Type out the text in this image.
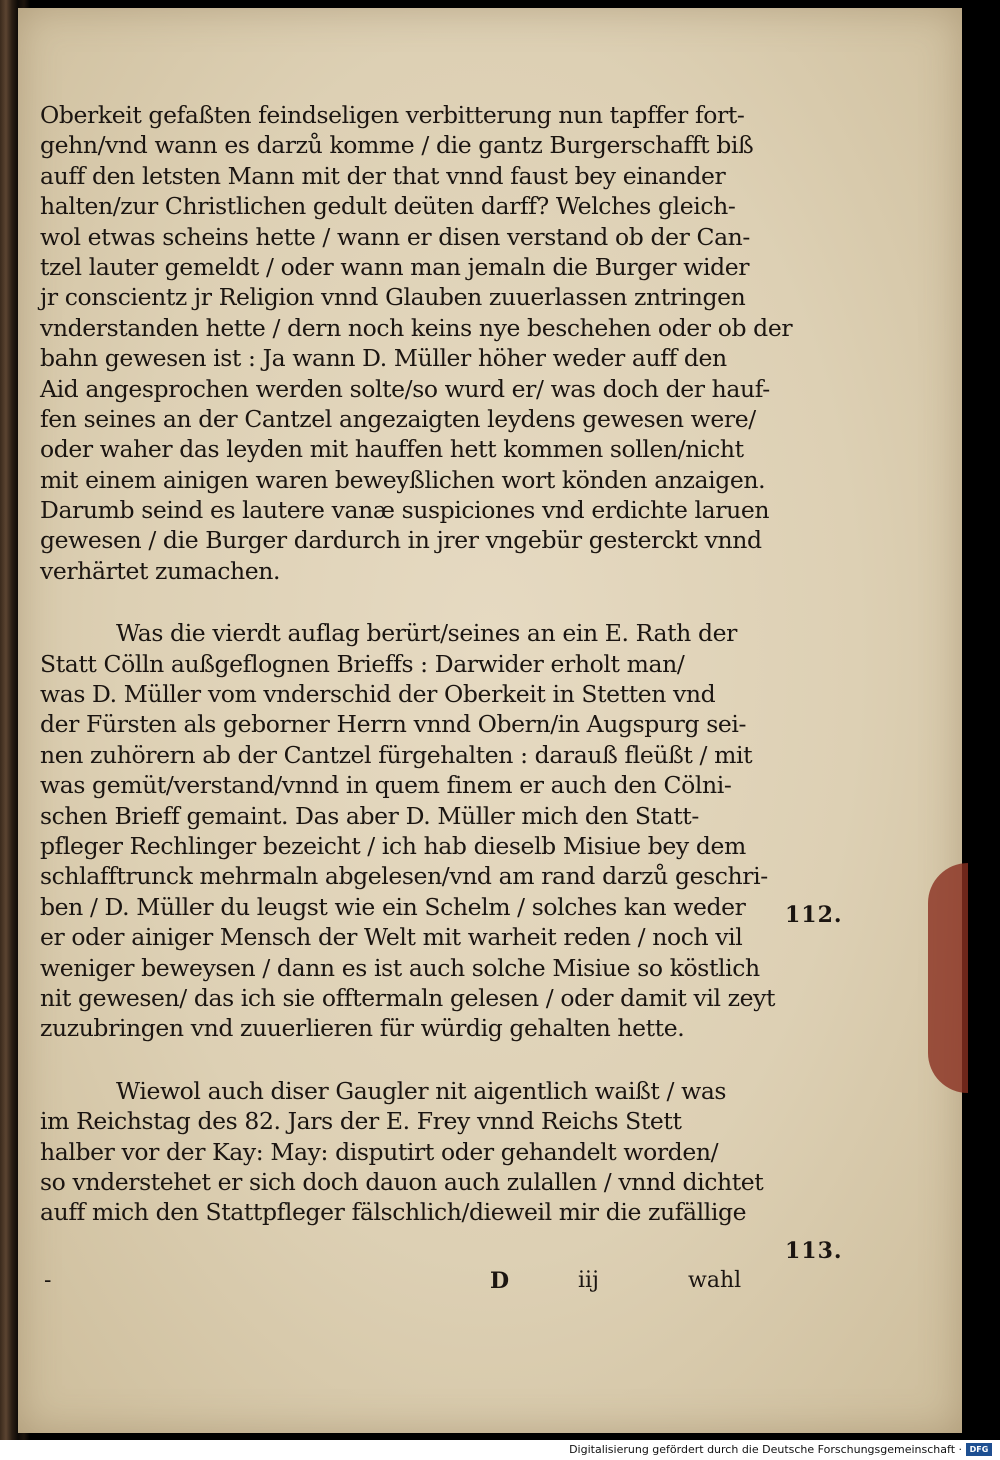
Oberkeit gefaßten feindseligen verbitterung nun tapffer fort-
gehn/vnd wann es darzů komme / die gantz Burgerschafft biß
auff den letsten Mann mit der that vnnd faust bey einander
halten/zur Christlichen gedult deüten darff? Welches gleich-
wol etwas scheins hette / wann er disen verstand ob der Can-
tzel lauter gemeldt / oder wann man jemaln die Burger wider
jr conscientz jr Religion vnnd Glauben zuuerlassen zntringen
vnderstanden hette / dern noch keins nye beschehen oder ob der
bahn gewesen ist : Ja wann D. Müller höher weder auff den
Aid angesprochen werden solte/so wurd er/ was doch der hauf-
fen seines an der Cantzel angezaigten leydens gewesen were/
oder waher das leyden mit hauffen hett kommen sollen/nicht
mit einem ainigen waren beweyßlichen wort könden anzaigen.
Darumb seind es lautere vanæ suspiciones vnd erdichte laruen
gewesen / die Burger dardurch in jrer vngebür gesterckt vnnd
verhärtet zumachen.
Was die vierdt auflag berürt/seines an ein E. Rath der
Statt Cölln außgeflognen Brieffs : Darwider erholt man/
was D. Müller vom vnderschid der Oberkeit in Stetten vnd
der Fürsten als geborner Herrn vnnd Obern/in Augspurg sei-
nen zuhörern ab der Cantzel fürgehalten : darauß fleüßt / mit
was gemüt/verstand/vnnd in quem finem er auch den Cölni-
schen Brieff gemaint. Das aber D. Müller mich den Statt-
pfleger Rechlinger bezeicht / ich hab dieselb Misiue bey dem
schlafftrunck mehrmaln abgelesen/vnd am rand darzů geschri-
ben / D. Müller du leugst wie ein Schelm / solches kan weder
er oder ainiger Mensch der Welt mit warheit reden / noch vil
weniger beweysen / dann es ist auch solche Misiue so köstlich
nit gewesen/ das ich sie offtermaln gelesen / oder damit vil zeyt
zuzubringen vnd zuuerlieren für würdig gehalten hette.
Wiewol auch diser Gaugler nit aigentlich waißt / was
im Reichstag des 82. Jars der E. Frey vnnd Reichs Stett
halber vor der Kay: May: disputirt oder gehandelt worden/
so vnderstehet er sich doch dauon auch zulallen / vnnd dichtet
auff mich den Stattpfleger fälschlich/dieweil mir die zufällige
112.
113.
-	D	iij	wahl
Digitalisierung gefördert durch die Deutsche Forschungsgemeinschaft · DFG
